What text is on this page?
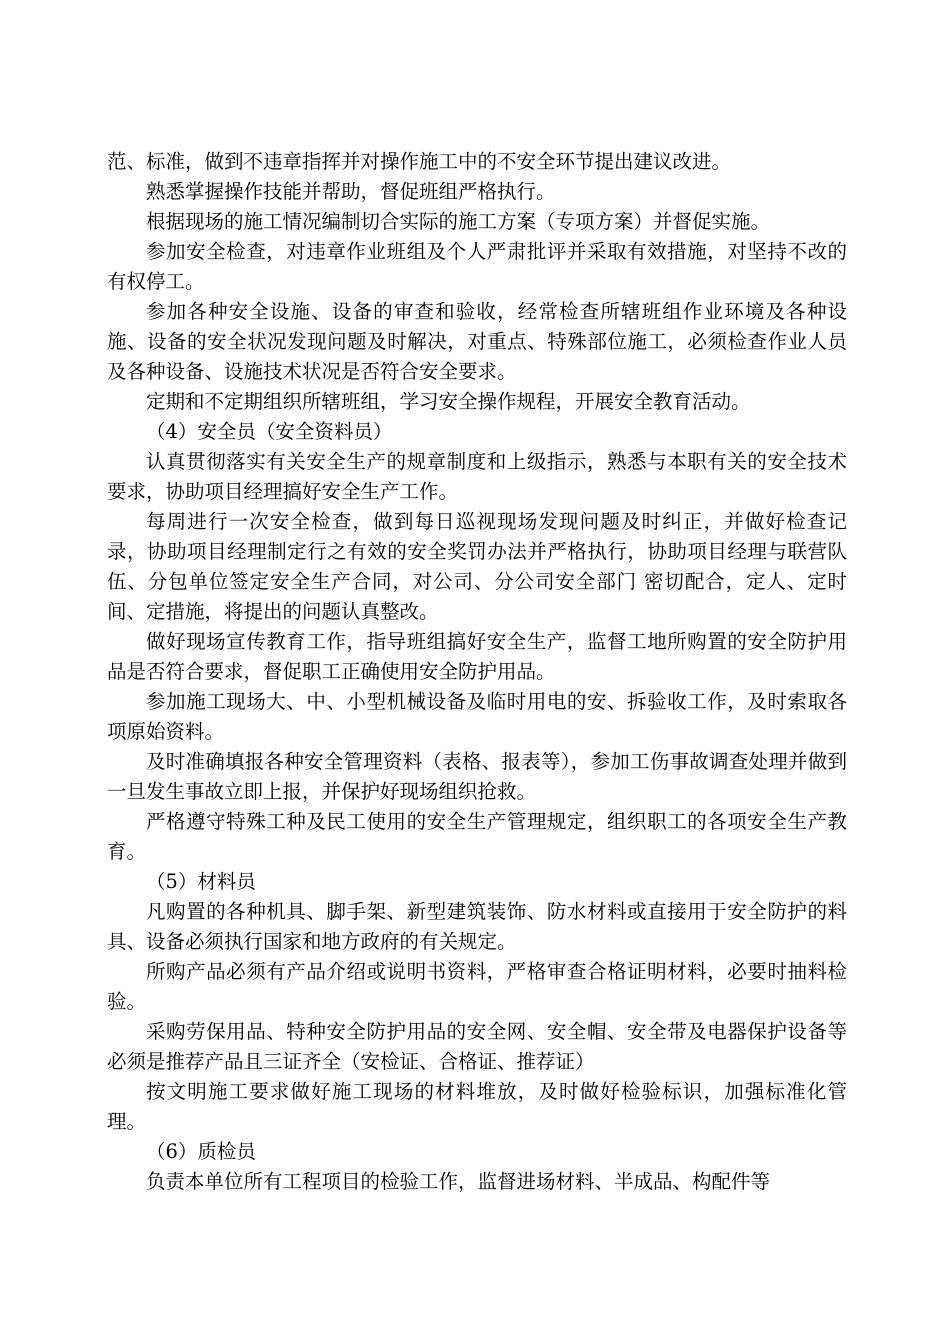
范、标准，做到不违章指挥并对操作施工中的不安全环节提出建议改进。

熟悉掌握操作技能并帮助，督促班组严格执行。

根据现场的施工情况编制切合实际的施工方案（专项方案）并督促实施。

参加安全检查，对违章作业班组及个人严肃批评并采取有效措施，对坚持不改的有权停工。

参加各种安全设施、设备的审查和验收，经常检查所辖班组作业环境及各种设施、设备的安全状况发现问题及时解决，对重点、特殊部位施工，必须检查作业人员及各种设备、设施技术状况是否符合安全要求。

定期和不定期组织所辖班组，学习安全操作规程，开展安全教育活动。

（4）安全员（安全资料员）

认真贯彻落实有关安全生产的规章制度和上级指示，熟悉与本职有关的安全技术要求，协助项目经理搞好安全生产工作。

每周进行一次安全检查，做到每日巡视现场发现问题及时纠正，并做好检查记录，协助项目经理制定行之有效的安全奖罚办法并严格执行，协助项目经理与联营队伍、分包单位签定安全生产合同，对公司、分公司安全部门 密切配合，定人、定时间、定措施，将提出的问题认真整改。

做好现场宣传教育工作，指导班组搞好安全生产，监督工地所购置的安全防护用品是否符合要求，督促职工正确使用安全防护用品。

参加施工现场大、中、小型机械设备及临时用电的安、拆验收工作，及时索取各项原始资料。

及时准确填报各种安全管理资料（表格、报表等），参加工伤事故调查处理并做到一旦发生事故立即上报，并保护好现场组织抢救。

严格遵守特殊工种及民工使用的安全生产管理规定，组织职工的各项安全生产教育。

（5）材料员

凡购置的各种机具、脚手架、新型建筑装饰、防水材料或直接用于安全防护的料具、设备必须执行国家和地方政府的有关规定。

所购产品必须有产品介绍或说明书资料，严格审查合格证明材料，必要时抽料检验。

采购劳保用品、特种安全防护用品的安全网、安全帽、安全带及电器保护设备等必须是推荐产品且三证齐全（安检证、合格证、推荐证）

按文明施工要求做好施工现场的材料堆放，及时做好检验标识，加强标准化管理。

（6）质检员

负责本单位所有工程项目的检验工作，监督进场材料、半成品、构配件等
